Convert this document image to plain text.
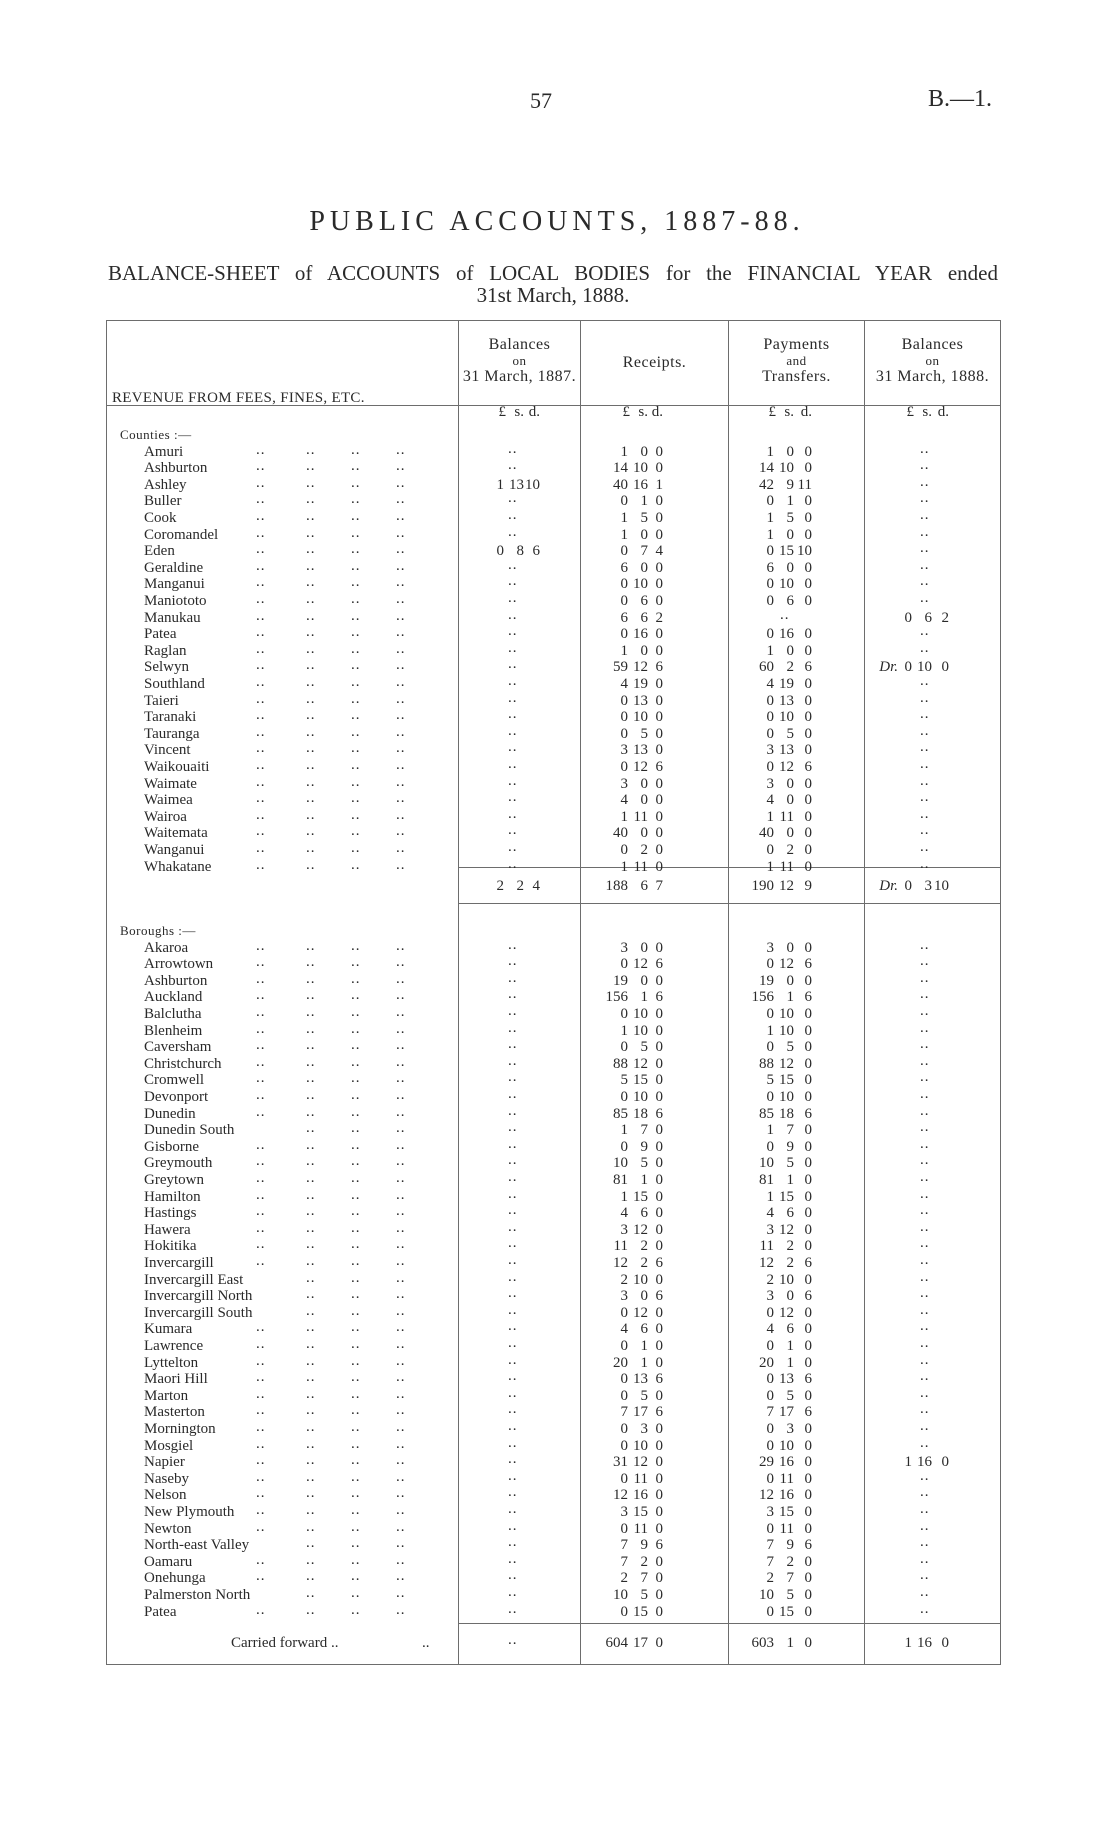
57	B.—1.
PUBLIC ACCOUNTS, 1887-88.
BALANCE-SHEET of ACCOUNTS of LOCAL BODIES for the FINANCIAL YEAR ended
31st March, 1888.
REVENUE FROM FEES, FINES, ETC.
Balances
on
31 March, 1887.
Receipts.
Payments
and
Transfers.
Balances
on
31 March, 1888.
£ s. d.	£ s. d.	£ s. d.	£ s. d.
Counties :—
Amuri	..	.. .. ..	..	1 0 0	1 0 0	..
Ashburton	..	.. .. ..	..	14 10 0	14 10 0	..
Ashley	..	.. .. ..	1 13 10	40 16 1	42 9 11	..
Buller	..	.. .. ..	..	0 1 0	0 1 0	..
Cook	..	.. .. ..	..	1 5 0	1 5 0	..
Coromandel	..	.. .. ..	..	1 0 0	1 0 0	..
Eden	..	.. .. ..	0 8 6	0 7 4	0 15 10	..
Geraldine	..	.. .. ..	..	6 0 0	6 0 0	..
Manganui	..	.. .. ..	..	0 10 0	0 10 0	..
Maniototo	..	.. .. ..	..	0 6 0	0 6 0	..
Manukau	..	.. .. ..	..	6 6 2	..	0 6 2
Patea	..	.. .. ..	..	0 16 0	0 16 0	..
Raglan	..	.. .. ..	..	1 0 0	1 0 0	..
Selwyn	..	.. .. ..	..	59 12 6	60 2 6	0 10 0
Dr.
Southland	..	.. .. ..	..	4 19 0	4 19 0	..
Taieri	..	.. .. ..	..	0 13 0	0 13 0	..
Taranaki	..	.. .. ..	..	0 10 0	0 10 0	..
Tauranga	..	.. .. ..	..	0 5 0	0 5 0	..
Vincent	..	.. .. ..	..	3 13 0	3 13 0	..
Waikouaiti	..	.. .. ..	..	0 12 6	0 12 6	..
Waimate	..	.. .. ..	..	3 0 0	3 0 0	..
Waimea	..	.. .. ..	..	4 0 0	4 0 0	..
Wairoa	..	.. .. ..	..	1 11 0	1 11 0	..
Waitemata	..	.. .. ..	..	40 0 0	40 0 0	..
Wanganui	..	.. .. ..	..	0 2 0	0 2 0	..
Whakatane	..	.. .. ..	..	1 11 0	1 11 0	..
2 2 4	188 6 7	190 12 9	0 3 10
Dr.
Boroughs :—
Akaroa	..	.. .. ..	..	3 0 0	3 0 0	..
Arrowtown	..	.. .. ..	..	0 12 6	0 12 6	..
Ashburton	..	.. .. ..	..	19 0 0	19 0 0	..
Auckland	..	.. .. ..	..	156 1 6	156 1 6	..
Balclutha	..	.. .. ..	..	0 10 0	0 10 0	..
Blenheim	..	.. .. ..	..	1 10 0	1 10 0	..
Caversham	..	.. .. ..	..	0 5 0	0 5 0	..
Christchurch ..	.. .. ..	..	88 12 0	88 12 0	..
Cromwell	..	.. .. ..	..	5 15 0	5 15 0	..
Devonport	..	.. .. ..	..	0 10 0	0 10 0	..
Dunedin	..	.. .. ..	..	85 18 6	85 18 6	..
Dunedin South	.. .. ..	..	1 7 0	1 7 0	..
Gisborne	..	.. .. ..	..	0 9 0	0 9 0	..
Greymouth	..	.. .. ..	..	10 5 0	10 5 0	..
Greytown	..	.. .. ..	..	81 1 0	81 1 0	..
Hamilton	..	.. .. ..	..	1 15 0	1 15 0	..
Hastings	..	.. .. ..	..	4 6 0	4 6 0	..
Hawera	..	.. .. ..	..	3 12 0	3 12 0	..
Hokitika	..	.. .. ..	..	11 2 0	11 2 0	..
Invercargill	..	.. .. ..	..	12 2 6	12 2 6	..
Invercargill East	.. .. ..	..	2 10 0	2 10 0	..
Invercargill North	.. .. ..	..	3 0 6	3 0 6	..
Invercargill South	.. .. ..	..	0 12 0	0 12 0	..
Kumara	..	.. .. ..	..	4 6 0	4 6 0	..
Lawrence	..	.. .. ..	..	0 1 0	0 1 0	..
Lyttelton	..	.. .. ..	..	20 1 0	20 1 0	..
Maori Hill	..	.. .. ..	..	0 13 6	0 13 6	..
Marton	..	.. .. ..	..	0 5 0	0 5 0	..
Masterton	..	.. .. ..	..	7 17 6	7 17 6	..
Mornington	..	.. .. ..	..	0 3 0	0 3 0	..
Mosgiel	..	.. .. ..	..	0 10 0	0 10 0	..
Napier	..	.. .. ..	..	31 12 0	29 16 0	1 16 0
Naseby	..	.. .. ..	..	0 11 0	0 11 0	..
Nelson	..	.. .. ..	..	12 16 0	12 16 0	..
New Plymouth ..	.. .. ..	..	3 15 0	3 15 0	..
Newton	..	.. .. ..	..	0 11 0	0 11 0	..
North-east Valley	.. .. ..	..	7 9 6	7 9 6	..
Oamaru	..	.. .. ..	..	7 2 0	7 2 0	..
Onehunga	..	.. .. ..	..	2 7 0	2 7 0	..
Palmerston North	.. .. ..	..	10 5 0	10 5 0	..
Patea	..	.. .. ..	..	0 15 0	0 15 0	..
Carried forward ..	..	..	604 17 0	603 1 0	1 16 0
